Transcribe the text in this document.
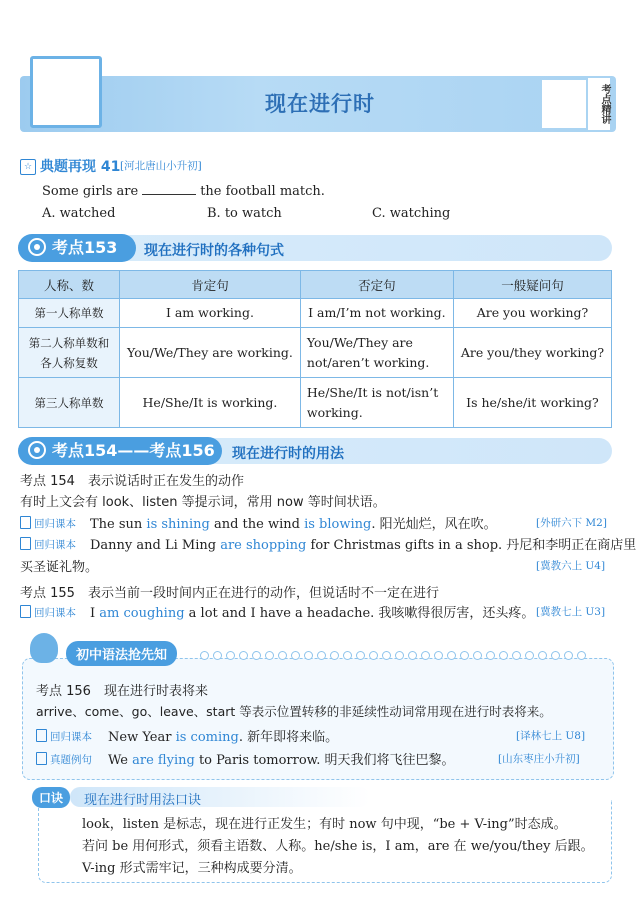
现在进行时	考点精讲
☆ 典题再现 41 [河北唐山小升初]
Some girls are	the football match.
A. watched	B. to watch	C. watching
考点153	现在进行时的各种句式
人称、数	肯定句	否定句	一般疑问句
第一人称单数	I am working.	I am/I’m not working.	Are you working?
第二人称单数和各人称复数	You/We/They are working.	You/We/They are not/aren’t working.	Are you/they working?
第三人称单数	He/She/It is working.	He/She/It is not/isn’t working.	Is he/she/it working?
考点154——考点156	现在进行时的用法
考点 154　表示说话时正在发生的动作
有时上文会有 look、listen 等提示词，常用 now 等时间状语。
回归课本 The sun is shining and the wind is blowing. 阳光灿烂，风在吹。	[外研六下 M2]
回归课本 Danny and Li Ming are shopping for Christmas gifts in a shop. 丹尼和李明正在商店里
买圣诞礼物。	[冀教六上 U4]
考点 155　表示当前一段时间内正在进行的动作，但说话时不一定在进行
回归课本 I am coughing a lot and I have a headache. 我咳嗽得很厉害，还头疼。 [冀教七上 U3]
初中语法抢先知
考点 156　现在进行时表将来
arrive、come、go、leave、start 等表示位置转移的非延续性动词常用现在进行时表将来。
回归课本 New Year is coming. 新年即将来临。	[译林七上 U8]
真题例句 We are flying to Paris tomorrow. 明天我们将飞往巴黎。	[山东枣庄小升初]
口诀	现在进行时用法口诀
look，listen 是标志，现在进行正发生；有时 now 句中现，“be + V-ing”时态成。
若问 be 用何形式，须看主语数、人称。he/she is，I am，are 在 we/you/they 后跟。
V-ing 形式需牢记，三种构成要分清。
